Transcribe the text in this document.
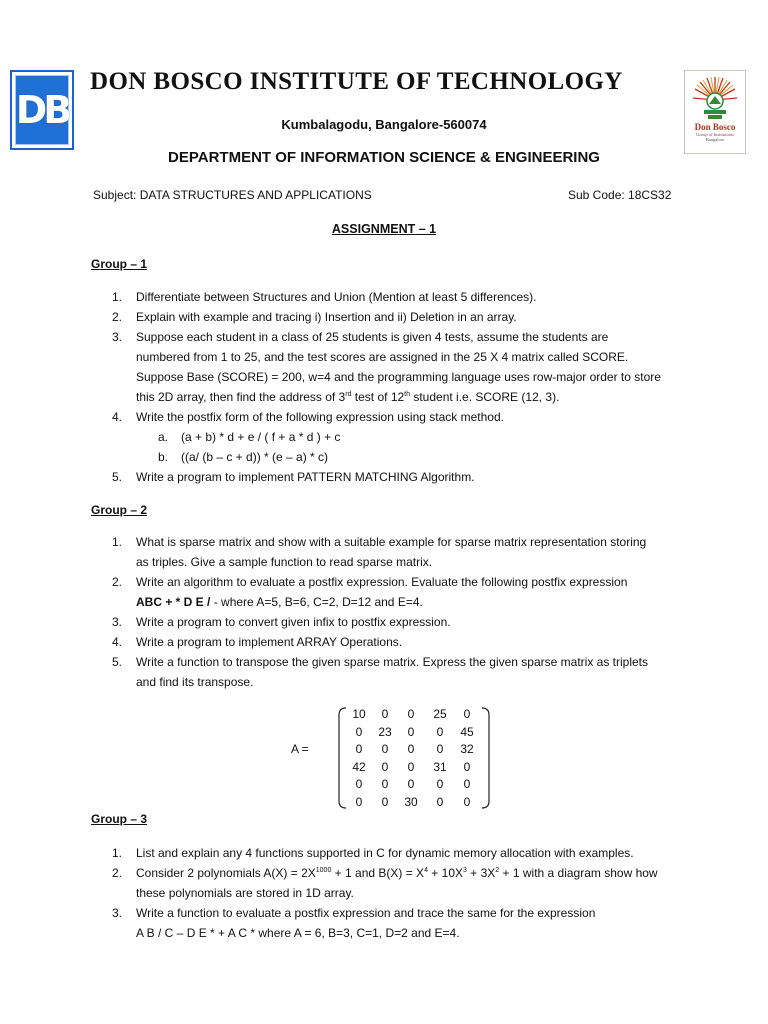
DB
DON BOSCO INSTITUTE OF TECHNOLOGY
Don Bosco
Group of Institutions
Bangalore
Kumbalagodu, Bangalore-560074
DEPARTMENT OF INFORMATION SCIENCE & ENGINEERING
Subject: DATA STRUCTURES AND APPLICATIONS	Sub Code: 18CS32
ASSIGNMENT – 1
Group – 1
1. Differentiate between Structures and Union (Mention at least 5 differences).
2. Explain with example and tracing i) Insertion and ii) Deletion in an array.
3. Suppose each student in a class of 25 students is given 4 tests, assume the students are
numbered from 1 to 25, and the test scores are assigned in the 25 X 4 matrix called SCORE.
Suppose Base (SCORE) = 200, w=4 and the programming language uses row-major order to store
this 2D array, then find the address of 3rd test of 12th student i.e. SCORE (12, 3).
4. Write the postfix form of the following expression using stack method.
a. (a + b) * d + e / ( f + a * d ) + c
b. ((a/ (b – c + d)) * (e – a) * c)
5. Write a program to implement PATTERN MATCHING Algorithm.
Group – 2
1. What is sparse matrix and show with a suitable example for sparse matrix representation storing
as triples. Give a sample function to read sparse matrix.
2. Write an algorithm to evaluate a postfix expression. Evaluate the following postfix expression
ABC + * D E / - where A=5, B=6, C=2, D=12 and E=4.
3. Write a program to convert given infix to postfix expression.
4. Write a program to implement ARRAY Operations.
5. Write a function to transpose the given sparse matrix. Express the given sparse matrix as triplets
and find its transpose.
A =
10	0	0	25	0
0	23	0	0	45
0	0	0	0	32
42	0	0	31	0
0	0	0	0	0
0	0	30	0	0
Group – 3
1. List and explain any 4 functions supported in C for dynamic memory allocation with examples.
2. Consider 2 polynomials $A(X) = 2X^{1000} + 1$ and $B(X) = X^4 + 10X^3 + 3X^2 + 1$ with a diagram show how
these polynomials are stored in 1D array.
3. Write a function to evaluate a postfix expression and trace the same for the expression
A B / C – D E * + A C * where A = 6, B=3, C=1, D=2 and E=4.
